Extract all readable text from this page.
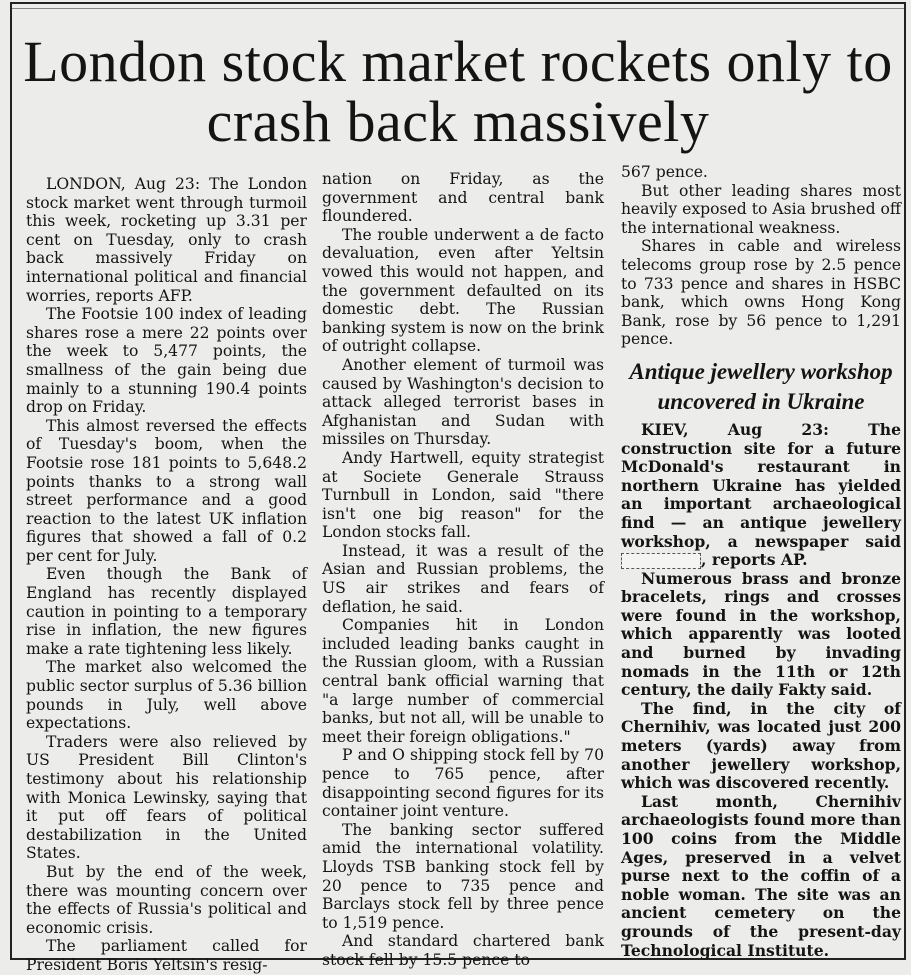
London stock market rockets only to crash back massively

LONDON, Aug 23: The London stock market went through turmoil this week, rocketing up 3.31 per cent on Tuesday, only to crash back massively Friday on international political and financial worries, reports AFP.

The Footsie 100 index of leading shares rose a mere 22 points over the week to 5,477 points, the smallness of the gain being due mainly to a stunning 190.4 points drop on Friday.

This almost reversed the effects of Tuesday's boom, when the Footsie rose 181 points to 5,648.2 points thanks to a strong wall street performance and a good reaction to the latest UK inflation figures that showed a fall of 0.2 per cent for July.

Even though the Bank of England has recently displayed caution in pointing to a temporary rise in inflation, the new figures make a rate tightening less likely.

The market also welcomed the public sector surplus of 5.36 billion pounds in July, well above expectations.

Traders were also relieved by US President Bill Clinton's testimony about his relationship with Monica Lewinsky, saying that it put off fears of political destabilization in the United States.

But by the end of the week, there was mounting concern over the effects of Russia's political and economic crisis.

The parliament called for President Boris Yeltsin's resig-

nation on Friday, as the government and central bank floundered.

The rouble underwent a de facto devaluation, even after Yeltsin vowed this would not happen, and the government defaulted on its domestic debt. The Russian banking system is now on the brink of outright collapse.

Another element of turmoil was caused by Washington's decision to attack alleged terrorist bases in Afghanistan and Sudan with missiles on Thursday.

Andy Hartwell, equity strategist at Societe Generale Strauss Turnbull in London, said "there isn't one big reason" for the London stocks fall.

Instead, it was a result of the Asian and Russian problems, the US air strikes and fears of deflation, he said.

Companies hit in London included leading banks caught in the Russian gloom, with a Russian central bank official warning that "a large number of commercial banks, but not all, will be unable to meet their foreign obligations."

P and O shipping stock fell by 70 pence to 765 pence, after disappointing second figures for its container joint venture.

The banking sector suffered amid the international volatility. Lloyds TSB banking stock fell by 20 pence to 735 pence and Barclays stock fell by three pence to 1,519 pence.

And standard chartered bank stock fell by 15.5 pence to

567 pence.

But other leading shares most heavily exposed to Asia brushed off the international weakness.

Shares in cable and wireless telecoms group rose by 2.5 pence to 733 pence and shares in HSBC bank, which owns Hong Kong Bank, rose by 56 pence to 1,291 pence.

Antique jewellery workshop uncovered in Ukraine

KIEV, Aug 23: The construction site for a future McDonald's restaurant in northern Ukraine has yielded an important archaeological find — an antique jewellery workshop, a newspaper said , reports AP.

Numerous brass and bronze bracelets, rings and crosses were found in the workshop, which apparently was looted and burned by invading nomads in the 11th or 12th century, the daily Fakty said.

The find, in the city of Chernihiv, was located just 200 meters (yards) away from another jewellery workshop, which was discovered recently.

Last month, Chernihiv archaeologists found more than 100 coins from the Middle Ages, preserved in a velvet purse next to the coffin of a noble woman. The site was an ancient cemetery on the grounds of the present-day Technological Institute.
